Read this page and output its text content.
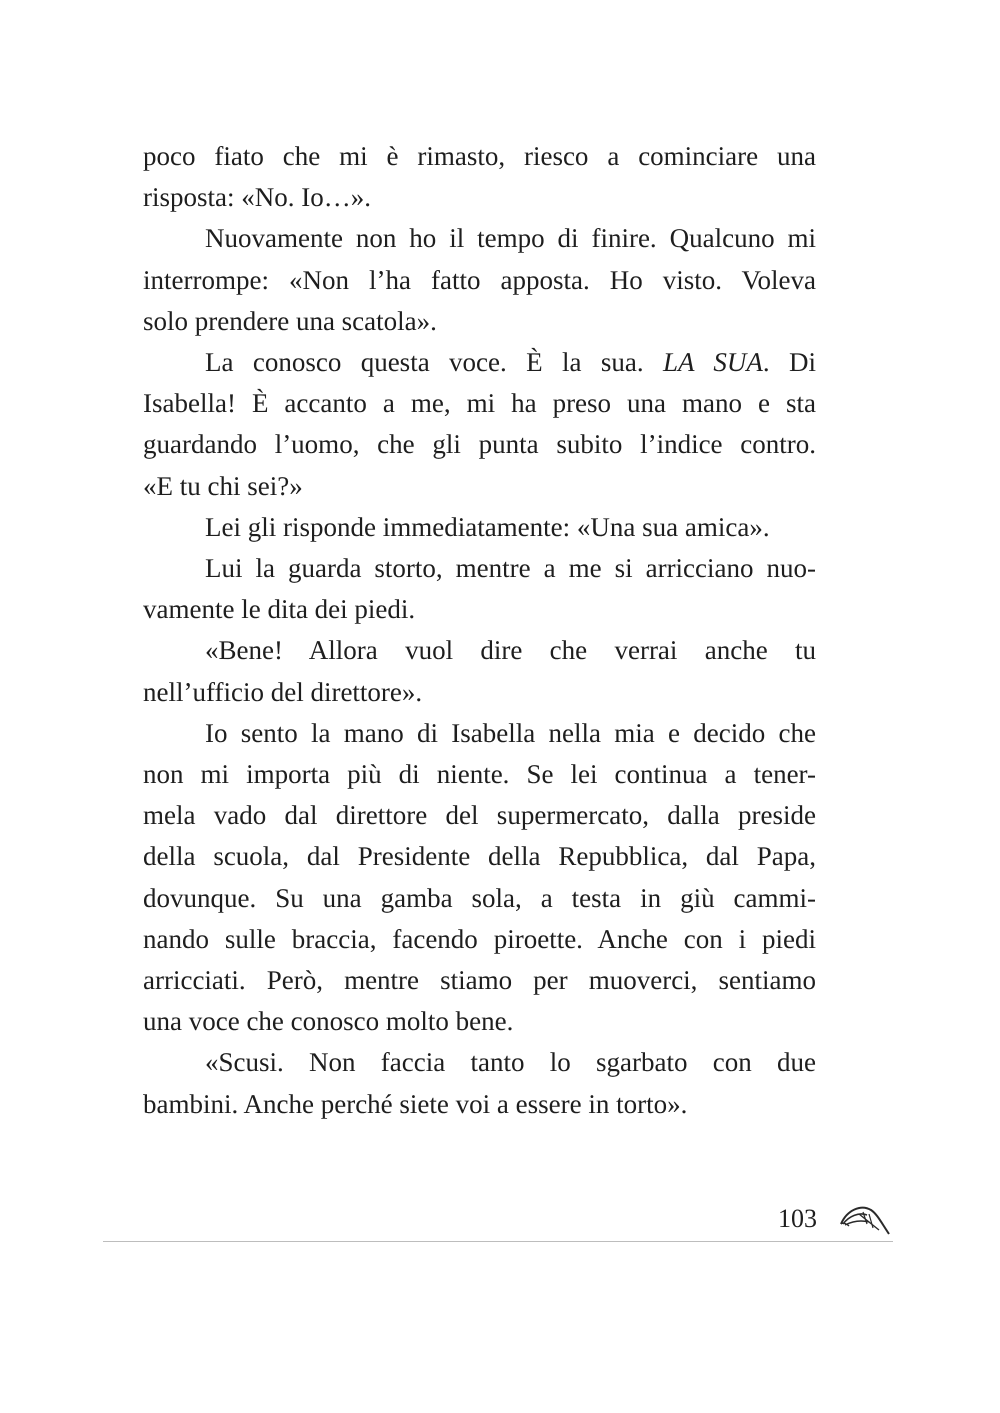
poco fiato che mi è rimasto, riesco a cominciare una
risposta: «No. Io…».
Nuovamente non ho il tempo di finire. Qualcuno mi
interrompe: «Non l’ha fatto apposta. Ho visto. Voleva
solo prendere una scatola».
La conosco questa voce. È la sua. LA SUA. Di
Isabella! È accanto a me, mi ha preso una mano e sta
guardando l’uomo, che gli punta subito l’indice contro.
«E tu chi sei?»
Lei gli risponde immediatamente: «Una sua amica».
Lui la guarda storto, mentre a me si arricciano nuo-
vamente le dita dei piedi.
«Bene! Allora vuol dire che verrai anche tu
nell’ufficio del direttore».
Io sento la mano di Isabella nella mia e decido che
non mi importa più di niente. Se lei continua a tener-
mela vado dal direttore del supermercato, dalla preside
della scuola, dal Presidente della Repubblica, dal Papa,
dovunque. Su una gamba sola, a testa in giù cammi-
nando sulle braccia, facendo piroette. Anche con i piedi
arricciati. Però, mentre stiamo per muoverci, sentiamo
una voce che conosco molto bene.
«Scusi. Non faccia tanto lo sgarbato con due
bambini. Anche perché siete voi a essere in torto».
103
